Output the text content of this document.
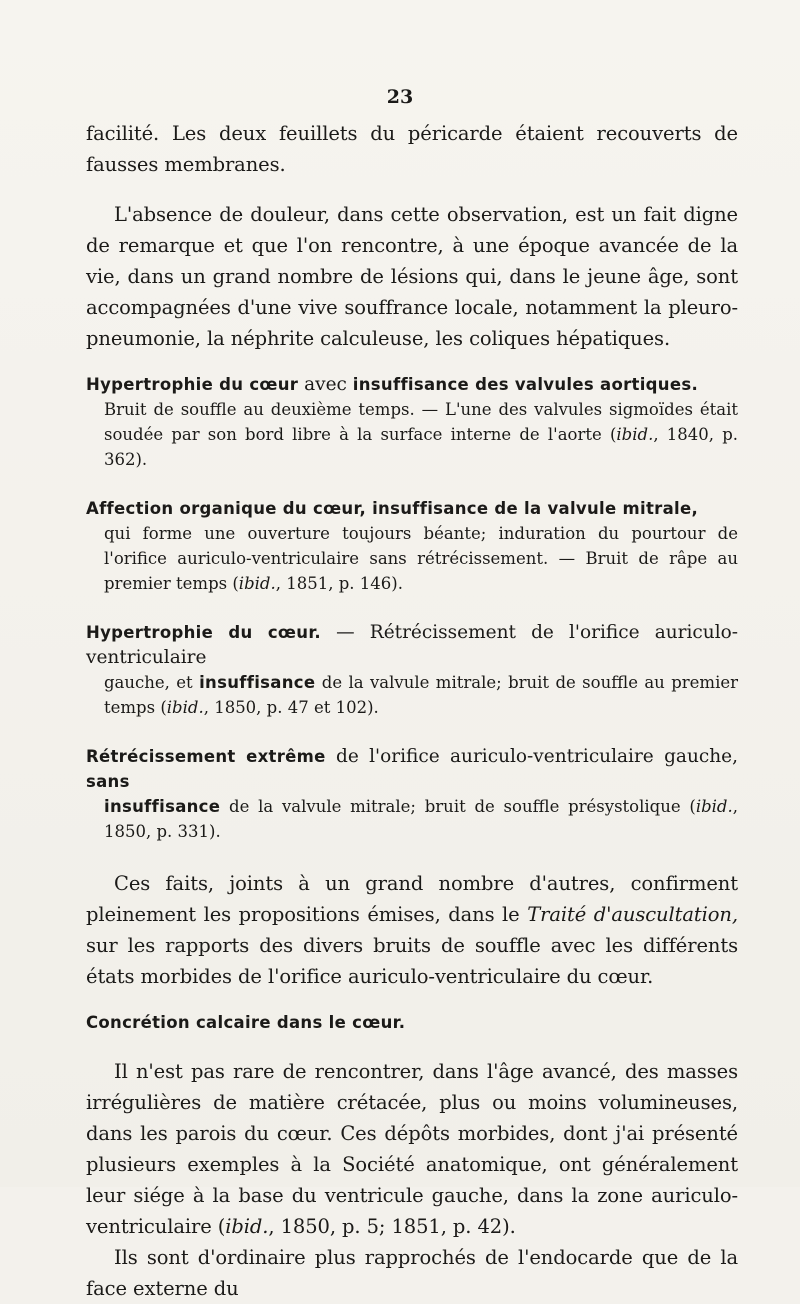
23

facilité. Les deux feuillets du péricarde étaient recouverts de fausses membranes.

L'absence de douleur, dans cette observation, est un fait digne de remarque et que l'on rencontre, à une époque avancée de la vie, dans un grand nombre de lésions qui, dans le jeune âge, sont accompagnées d'une vive souffrance locale, notamment la pleuro-pneumonie, la néphrite calculeuse, les coliques hépatiques.

Hypertrophie du cœur avec insuffisance des valvules aortiques.

Bruit de souffle au deuxième temps. — L'une des valvules sigmoïdes était soudée par son bord libre à la surface interne de l'aorte (ibid., 1840, p. 362).

Affection organique du cœur, insuffisance de la valvule mitrale,

qui forme une ouverture toujours béante; induration du pourtour de l'orifice auriculo-ventriculaire sans rétrécissement. — Bruit de râpe au premier temps (ibid., 1851, p. 146).

Hypertrophie du cœur. — Rétrécissement de l'orifice auriculo-ventriculaire

gauche, et insuffisance de la valvule mitrale; bruit de souffle au premier temps (ibid., 1850, p. 47 et 102).

Rétrécissement extrême de l'orifice auriculo-ventriculaire gauche, sans

insuffisance de la valvule mitrale; bruit de souffle présystolique (ibid., 1850, p. 331).

Ces faits, joints à un grand nombre d'autres, confirment pleinement les propositions émises, dans le Traité d'auscultation, sur les rapports des divers bruits de souffle avec les différents états morbides de l'orifice auriculo-ventriculaire du cœur.

Concrétion calcaire dans le cœur.

Il n'est pas rare de rencontrer, dans l'âge avancé, des masses irrégulières de matière crétacée, plus ou moins volumineuses, dans les parois du cœur. Ces dépôts morbides, dont j'ai présenté plusieurs exemples à la Société anatomique, ont généralement leur siége à la base du ventricule gauche, dans la zone auriculo-ventriculaire (ibid., 1850, p. 5; 1851, p. 42).

Ils sont d'ordinaire plus rapprochés de l'endocarde que de la face externe du
